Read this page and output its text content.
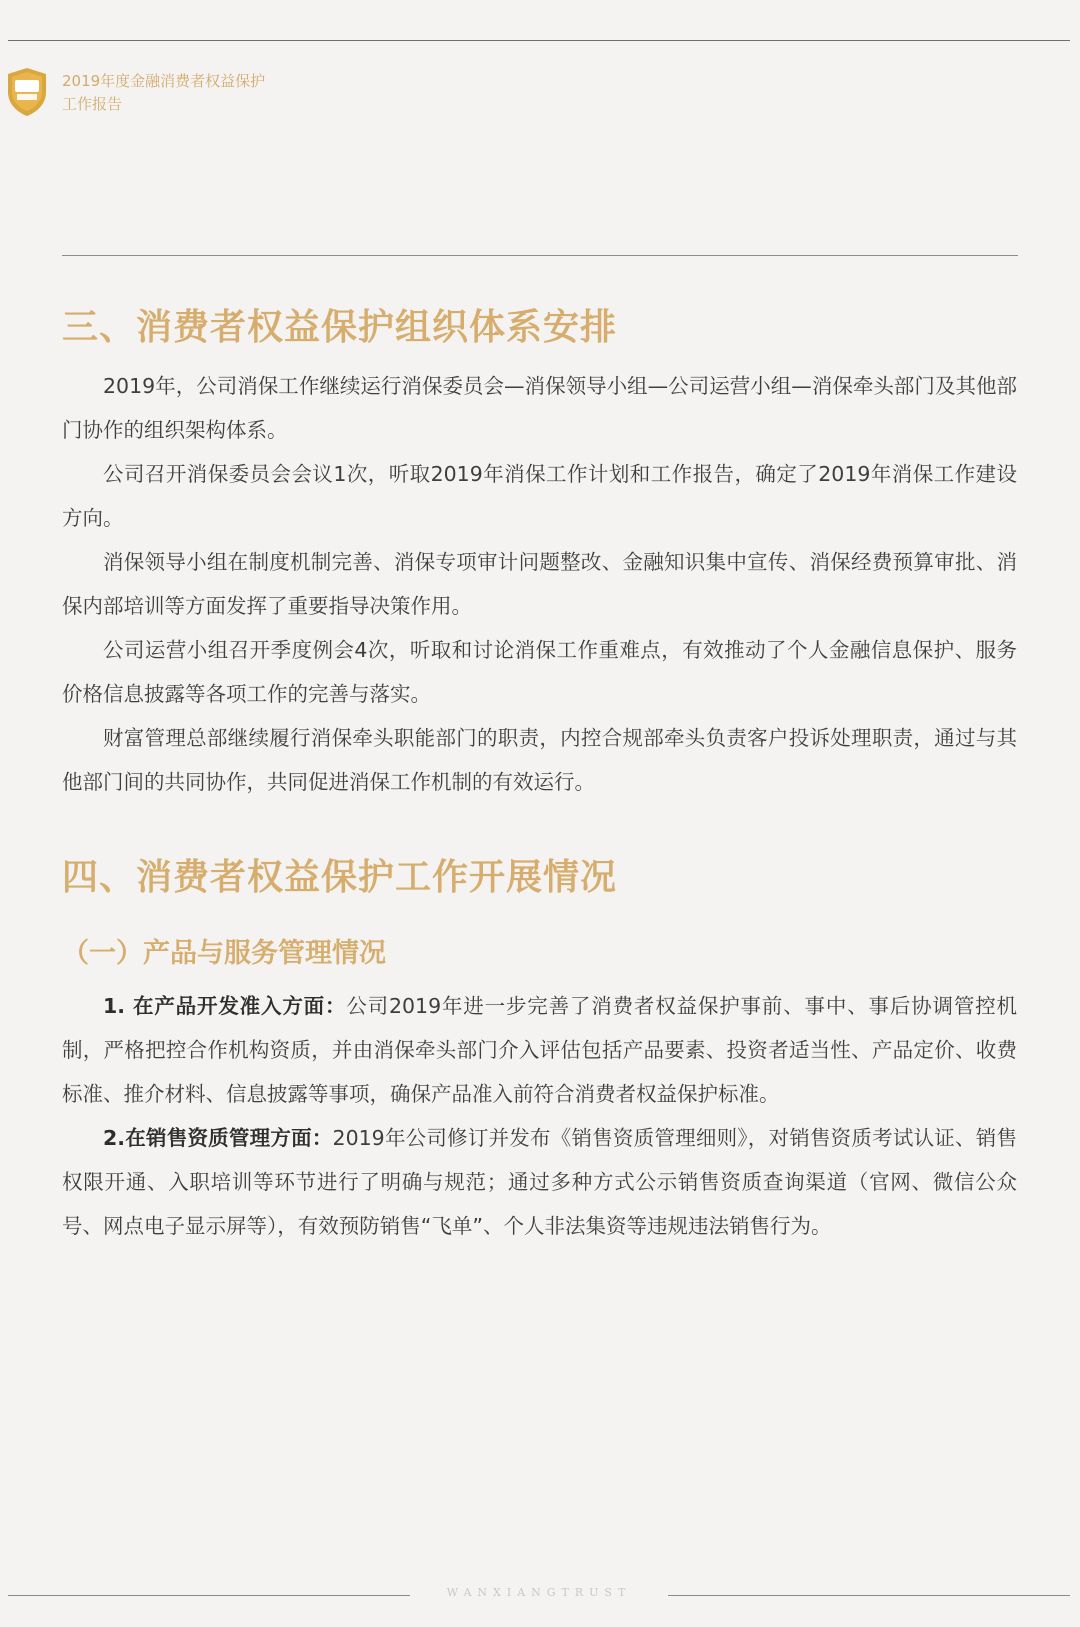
2019年度金融消费者权益保护
工作报告
三、消费者权益保护组织体系安排

2019年，公司消保工作继续运行消保委员会—消保领导小组—公司运营小组—消保牵头部门及其他部门协作的组织架构体系。

公司召开消保委员会会议1次，听取2019年消保工作计划和工作报告，确定了2019年消保工作建设方向。

消保领导小组在制度机制完善、消保专项审计问题整改、金融知识集中宣传、消保经费预算审批、消保内部培训等方面发挥了重要指导决策作用。

公司运营小组召开季度例会4次，听取和讨论消保工作重难点，有效推动了个人金融信息保护、服务价格信息披露等各项工作的完善与落实。

财富管理总部继续履行消保牵头职能部门的职责，内控合规部牵头负责客户投诉处理职责，通过与其他部门间的共同协作，共同促进消保工作机制的有效运行。

四、消费者权益保护工作开展情况
（一）产品与服务管理情况

1. 在产品开发准入方面：公司2019年进一步完善了消费者权益保护事前、事中、事后协调管控机制，严格把控合作机构资质，并由消保牵头部门介入评估包括产品要素、投资者适当性、产品定价、收费标准、推介材料、信息披露等事项，确保产品准入前符合消费者权益保护标准。

2.在销售资质管理方面：2019年公司修订并发布《销售资质管理细则》，对销售资质考试认证、销售权限开通、入职培训等环节进行了明确与规范；通过多种方式公示销售资质查询渠道（官网、微信公众号、网点电子显示屏等），有效预防销售“飞单”、个人非法集资等违规违法销售行为。

WANXIANGTRUST
